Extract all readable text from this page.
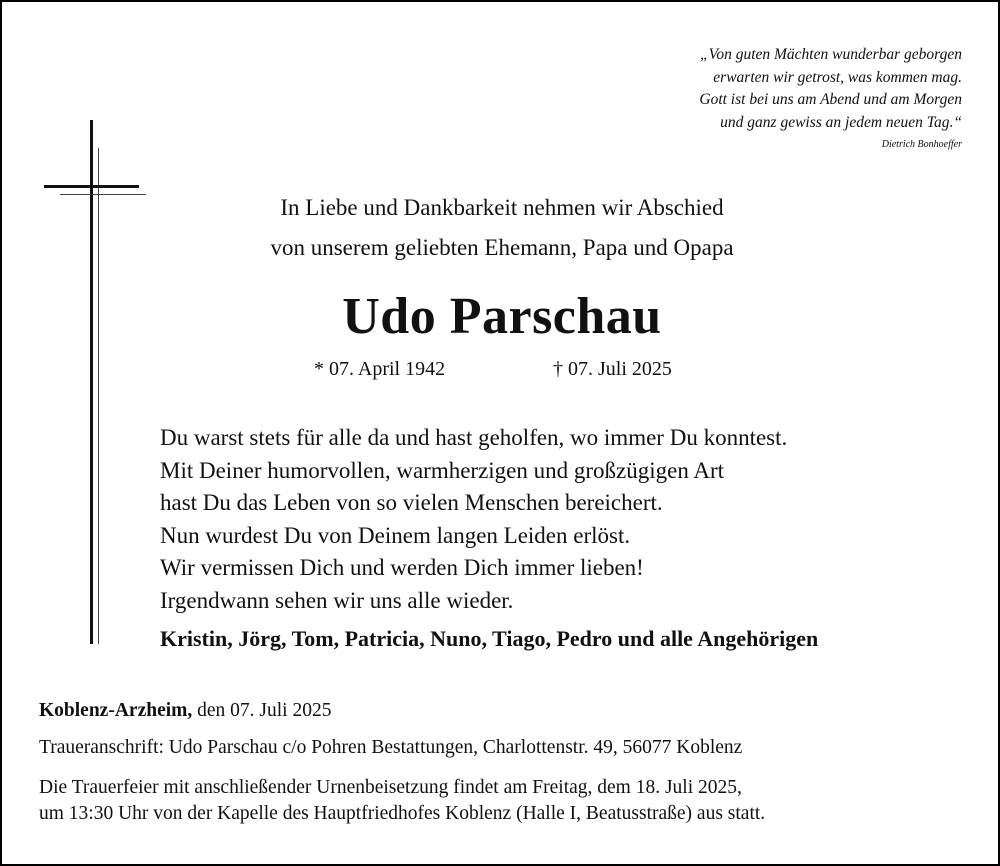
„Von guten Mächten wunderbar geborgen
erwarten wir getrost, was kommen mag.
Gott ist bei uns am Abend und am Morgen
und ganz gewiss an jedem neuen Tag.“
Dietrich Bonhoeffer
In Liebe und Dankbarkeit nehmen wir Abschied
von unserem geliebten Ehemann, Papa und Opapa
Udo Parschau
* 07. April 1942	† 07. Juli 2025
Du warst stets für alle da und hast geholfen, wo immer Du konntest.
Mit Deiner humorvollen, warmherzigen und großzügigen Art
hast Du das Leben von so vielen Menschen bereichert.
Nun wurdest Du von Deinem langen Leiden erlöst.
Wir vermissen Dich und werden Dich immer lieben!
Irgendwann sehen wir uns alle wieder.
Kristin, Jörg, Tom, Patricia, Nuno, Tiago, Pedro und alle Angehörigen
Koblenz-Arzheim, den 07. Juli 2025
Traueranschrift: Udo Parschau c/o Pohren Bestattungen, Charlottenstr. 49, 56077 Koblenz
Die Trauerfeier mit anschließender Urnenbeisetzung findet am Freitag, dem 18. Juli 2025,
um 13:30 Uhr von der Kapelle des Hauptfriedhofes Koblenz (Halle I, Beatusstraße) aus statt.
